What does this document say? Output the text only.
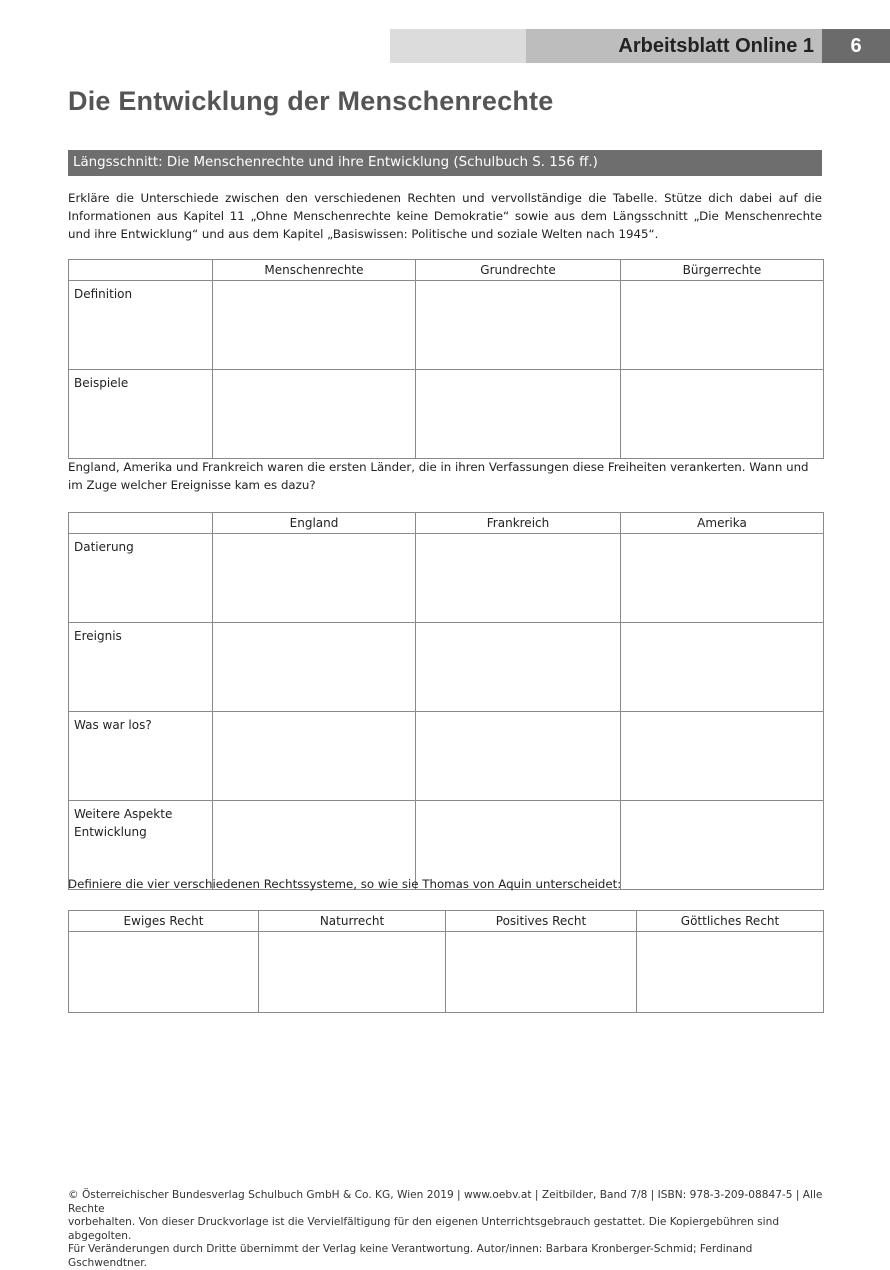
Arbeitsblatt Online 1	6
Die Entwicklung der Menschenrechte
Längsschnitt: Die Menschenrechte und ihre Entwicklung (Schulbuch S. 156 ff.)

Erkläre die Unterschiede zwischen den verschiedenen Rechten und vervollständige die Tabelle. Stütze dich dabei auf die Informationen aus Kapitel 11 „Ohne Menschenrechte keine Demokratie“ sowie aus dem Längsschnitt „Die Menschenrechte und ihre Entwicklung“ und aus dem Kapitel „Basiswissen: Politische und soziale Welten nach 1945“.

	Menschenrechte	Grundrechte	Bürgerrechte
Definition			
Beispiele			

England, Amerika und Frankreich waren die ersten Länder, die in ihren Verfassungen diese Freiheiten verankerten. Wann und im Zuge welcher Ereignisse kam es dazu?

	England	Frankreich	Amerika
Datierung			
Ereignis			
Was war los?			
Weitere Aspekte Entwicklung			

Definiere die vier verschiedenen Rechtssysteme, so wie sie Thomas von Aquin unterscheidet:

Ewiges Recht	Naturrecht	Positives Recht	Göttliches Recht

© Österreichischer Bundesverlag Schulbuch GmbH & Co. KG, Wien 2019 | www.oebv.at | Zeitbilder, Band 7/8 | ISBN: 978-3-209-08847-5 | Alle Rechte
vorbehalten. Von dieser Druckvorlage ist die Vervielfältigung für den eigenen Unterrichtsgebrauch gestattet. Die Kopiergebühren sind abgegolten.
Für Veränderungen durch Dritte übernimmt der Verlag keine Verantwortung. Autor/innen: Barbara Kronberger-Schmid; Ferdinand Gschwendtner.
